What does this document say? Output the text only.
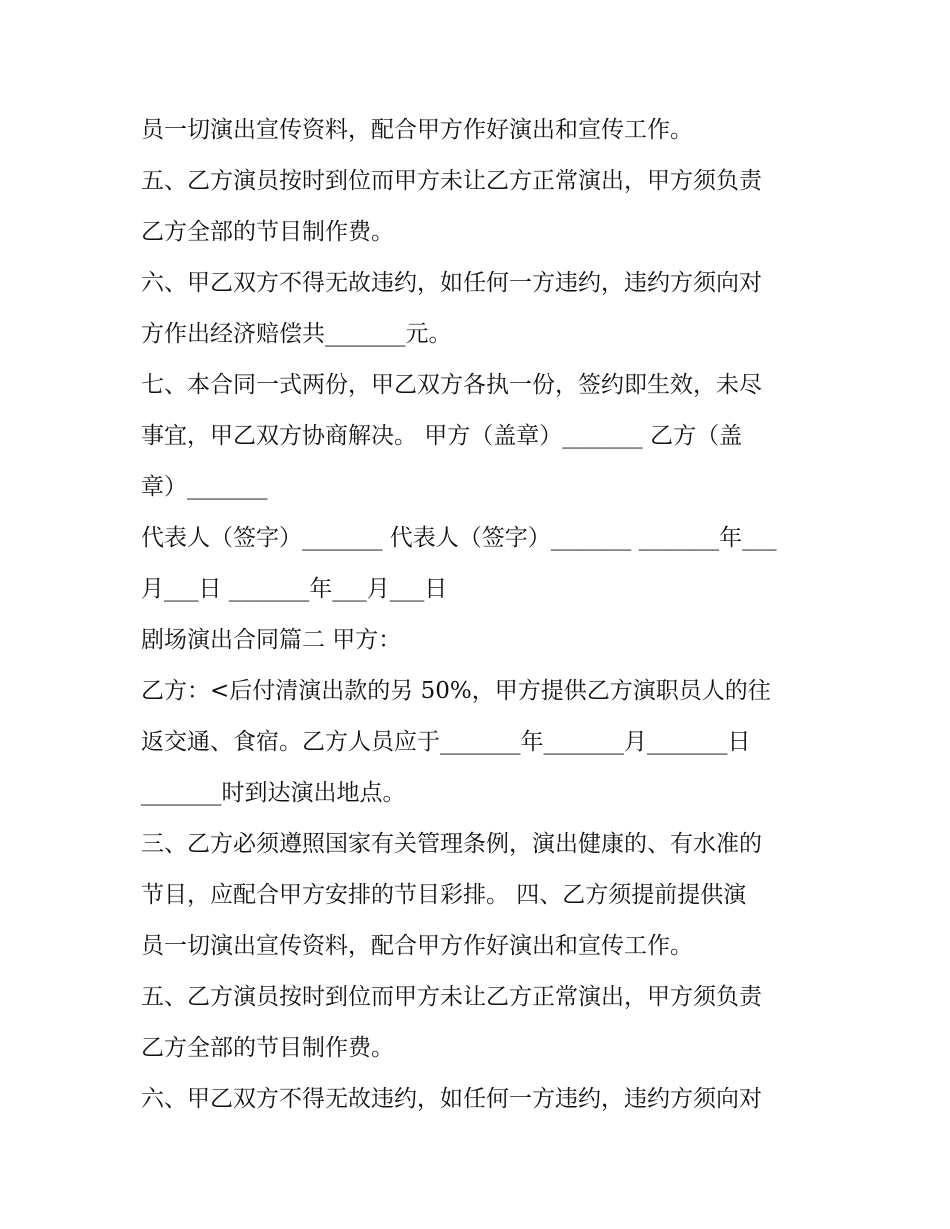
员一切演出宣传资料，配合甲方作好演出和宣传工作。

五、乙方演员按时到位而甲方未让乙方正常演出，甲方须负责

乙方全部的节目制作费。

六、甲乙双方不得无故违约，如任何一方违约，违约方须向对

方作出经济赔偿共_______元。

七、本合同一式两份，甲乙双方各执一份，签约即生效，未尽

事宜，甲乙双方协商解决。 甲方（盖章）_______ 乙方（盖

章）_______

代表人（签字）_______ 代表人（签字）_______ _______年___

月___日 _______年___月___日

剧场演出合同篇二 甲方：

乙方：<后付清演出款的另 50%，甲方提供乙方演职员人的往

返交通、食宿。乙方人员应于_______年_______月_______日

_______时到达演出地点。

三、乙方必须遵照国家有关管理条例，演出健康的、有水准的

节目，应配合甲方安排的节目彩排。 四、乙方须提前提供演

员一切演出宣传资料，配合甲方作好演出和宣传工作。

五、乙方演员按时到位而甲方未让乙方正常演出，甲方须负责

乙方全部的节目制作费。

六、甲乙双方不得无故违约，如任何一方违约，违约方须向对
